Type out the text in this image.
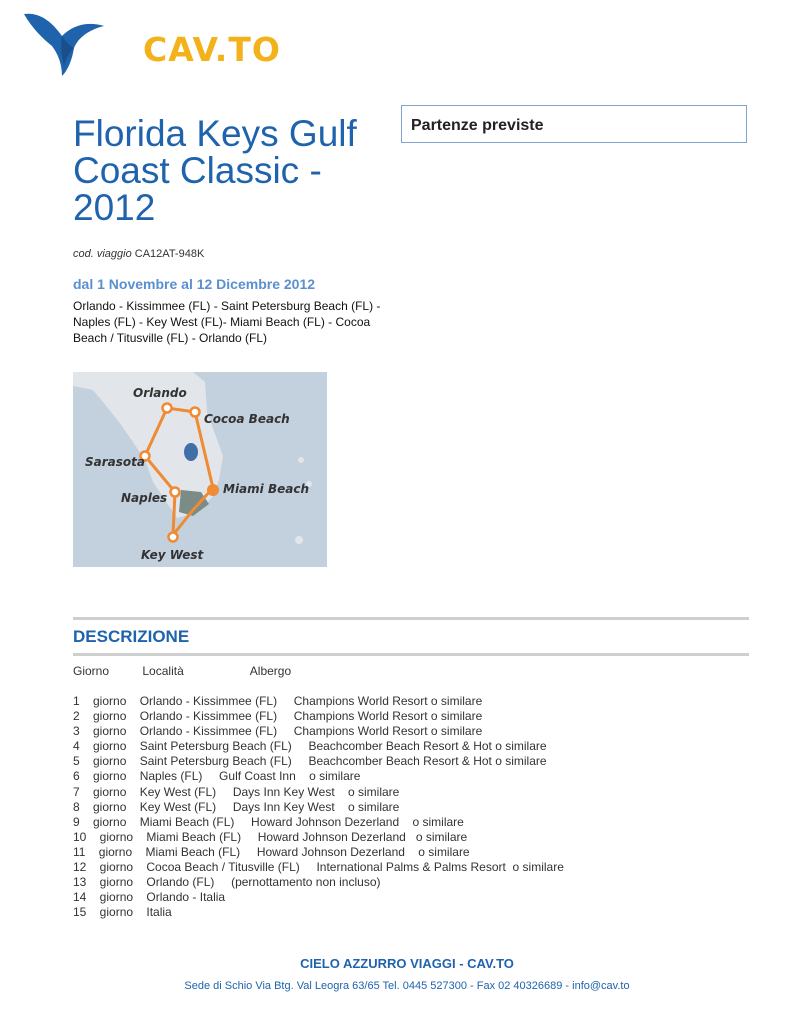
CAV.TO
Florida Keys Gulf Coast Classic - 2012
cod. viaggio CA12AT-948K
dal 1 Novembre al 12 Dicembre 2012
Orlando - Kissimmee (FL) - Saint Petersburg Beach (FL) - Naples (FL) - Key West (FL)- Miami Beach (FL) - Cocoa Beach / Titusville (FL) - Orlando (FL)
Orlando
Cocoa Beach
Sarasota
Naples
Miami Beach
Key West
Partenze previste
DESCRIZIONE
Giorno	Località	Albergo
1    giorno    Orlando - Kissimmee (FL)     Champions World Resort o similare
2    giorno    Orlando - Kissimmee (FL)     Champions World Resort o similare
3    giorno    Orlando - Kissimmee (FL)     Champions World Resort o similare
4    giorno    Saint Petersburg Beach (FL)     Beachcomber Beach Resort & Hot o similare
5    giorno    Saint Petersburg Beach (FL)     Beachcomber Beach Resort & Hot o similare
6    giorno    Naples (FL)     Gulf Coast Inn    o similare
7    giorno    Key West (FL)     Days Inn Key West    o similare
8    giorno    Key West (FL)     Days Inn Key West    o similare
9    giorno    Miami Beach (FL)     Howard Johnson Dezerland    o similare
10    giorno    Miami Beach (FL)     Howard Johnson Dezerland   o similare
11    giorno    Miami Beach (FL)     Howard Johnson Dezerland    o similare
12    giorno    Cocoa Beach / Titusville (FL)     International Palms & Palms Resort  o similare
13    giorno    Orlando (FL)     (pernottamento non incluso)
14    giorno    Orlando - Italia
15    giorno    Italia
CIELO AZZURRO VIAGGI - CAV.TO
Sede di Schio Via Btg. Val Leogra 63/65 Tel. 0445 527300 - Fax 02 40326689 - info@cav.to
